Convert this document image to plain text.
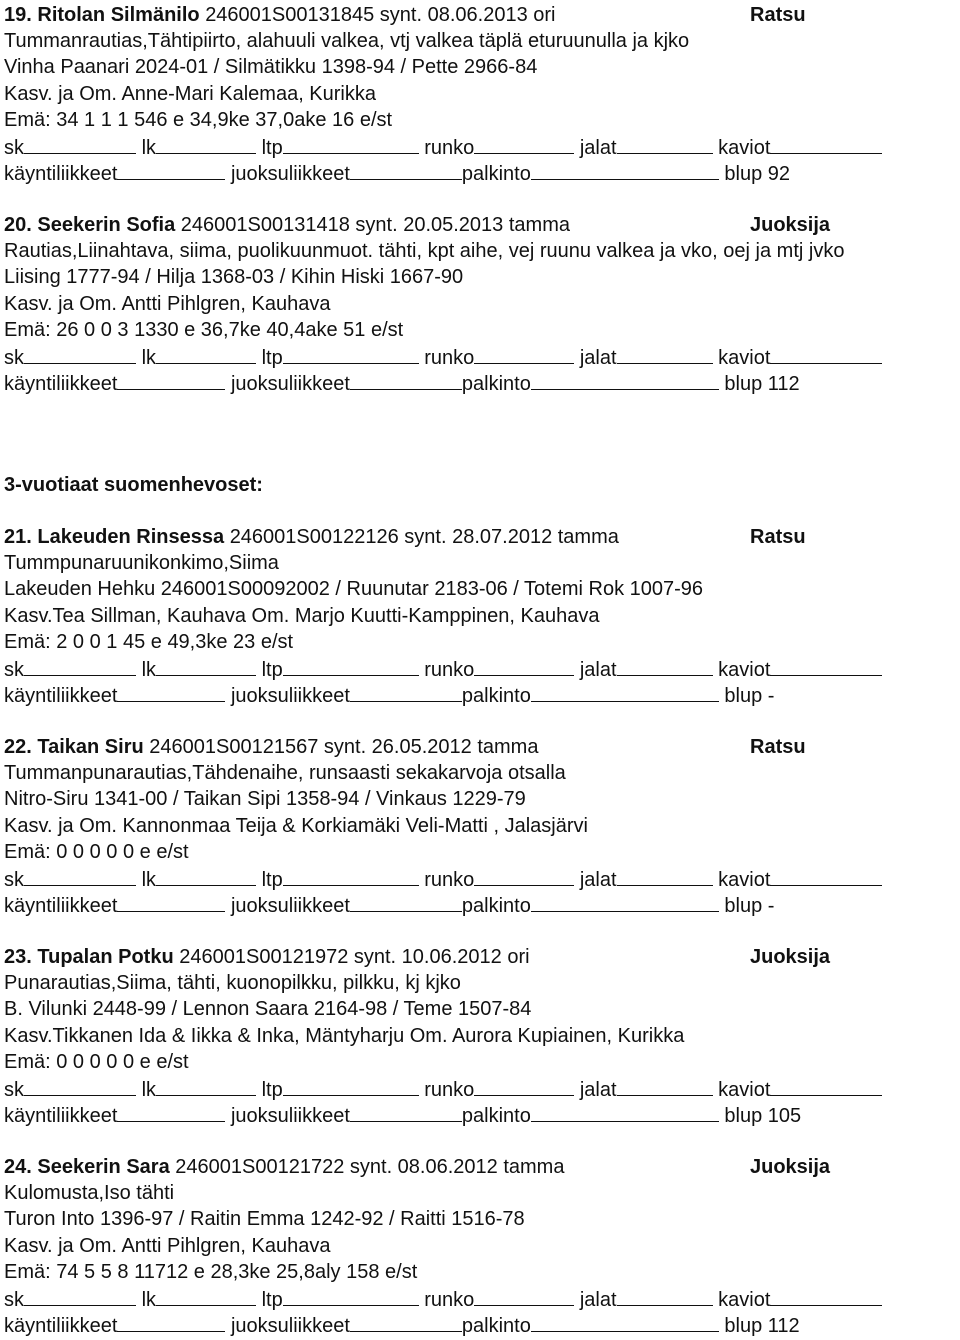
19. Ritolan Silmänilo 246001S00131845 synt. 08.06.2013 ori	Ratsu
Tummanrautias,Tähtipiirto, alahuuli valkea, vtj valkea täplä eturuunulla ja kjko
Vinha Paanari 2024-01 / Silmätikku 1398-94 / Pette 2966-84
Kasv. ja Om. Anne-Mari Kalemaa, Kurikka
Emä: 34 1 1 1 546 e 34,9ke 37,0ake 16 e/st
sk	lk	ltp	runko	jalat	kaviot
käyntiliikkeet	juoksuliikkeet	palkinto	blup 92
20. Seekerin Sofia 246001S00131418 synt. 20.05.2013 tamma	Juoksija
Rautias,Liinahtava, siima, puolikuunmuot. tähti, kpt aihe, vej ruunu valkea ja vko, oej ja mtj jvko
Liising 1777-94 / Hilja 1368-03 / Kihin Hiski 1667-90
Kasv. ja Om. Antti Pihlgren, Kauhava
Emä: 26 0 0 3 1330 e 36,7ke 40,4ake 51 e/st
sk	lk	ltp	runko	jalat	kaviot
käyntiliikkeet	juoksuliikkeet	palkinto	blup 112
21. Lakeuden Rinsessa 246001S00122126 synt. 28.07.2012 tamma	Ratsu
Tummpunaruunikonkimo,Siima
Lakeuden Hehku 246001S00092002 / Ruunutar 2183-06 / Totemi Rok 1007-96
Kasv.Tea Sillman, Kauhava Om. Marjo Kuutti-Kamppinen, Kauhava
Emä: 2 0 0 1 45 e 49,3ke 23 e/st
sk	lk	ltp	runko	jalat	kaviot
käyntiliikkeet	juoksuliikkeet	palkinto	blup -
22. Taikan Siru 246001S00121567 synt. 26.05.2012 tamma	Ratsu
Tummanpunarautias,Tähdenaihe, runsaasti sekakarvoja otsalla
Nitro-Siru 1341-00 / Taikan Sipi 1358-94 / Vinkaus 1229-79
Kasv. ja Om. Kannonmaa Teija & Korkiamäki Veli-Matti , Jalasjärvi
Emä: 0 0 0 0 0 e e/st
sk	lk	ltp	runko	jalat	kaviot
käyntiliikkeet	juoksuliikkeet	palkinto	blup -
23. Tupalan Potku 246001S00121972 synt. 10.06.2012 ori	Juoksija
Punarautias,Siima, tähti, kuonopilkku, pilkku, kj kjko
B. Vilunki 2448-99 / Lennon Saara 2164-98 / Teme 1507-84
Kasv.Tikkanen Ida & Iikka & Inka, Mäntyharju Om. Aurora Kupiainen, Kurikka
Emä: 0 0 0 0 0 e e/st
sk	lk	ltp	runko	jalat	kaviot
käyntiliikkeet	juoksuliikkeet	palkinto	blup 105
24. Seekerin Sara 246001S00121722 synt. 08.06.2012 tamma	Juoksija
Kulomusta,Iso tähti
Turon Into 1396-97 / Raitin Emma 1242-92 / Raitti 1516-78
Kasv. ja Om. Antti Pihlgren, Kauhava
Emä: 74 5 5 8 11712 e 28,3ke 25,8aly 158 e/st
sk	lk	ltp	runko	jalat	kaviot
käyntiliikkeet	juoksuliikkeet	palkinto	blup 112
3-vuotiaat suomenhevoset:
